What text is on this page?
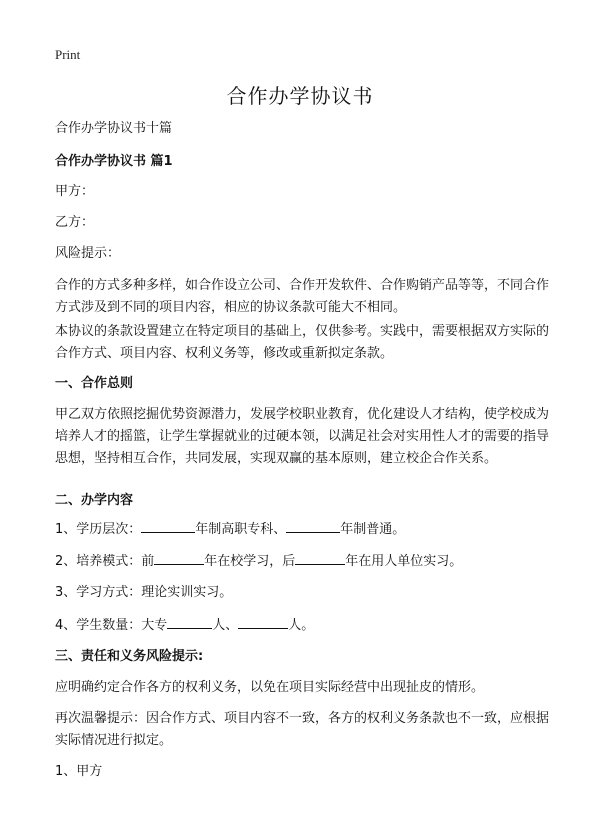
Print
合作办学协议书

合作办学协议书十篇

合作办学协议书 篇1

甲方：

乙方：

风险提示：

合作的方式多种多样，如合作设立公司、合作开发软件、合作购销产品等等，不同合作方式涉及到不同的项目内容，相应的协议条款可能大不相同。

本协议的条款设置建立在特定项目的基础上，仅供参考。实践中，需要根据双方实际的合作方式、项目内容、权利义务等，修改或重新拟定条款。

一、合作总则

甲乙双方依照挖掘优势资源潜力，发展学校职业教育，优化建设人才结构，使学校成为培养人才的摇篮，让学生掌握就业的过硬本领，以满足社会对实用性人才的需要的指导思想，坚持相互合作，共同发展，实现双赢的基本原则，建立校企合作关系。

二、办学内容

1、学历层次：	年制高职专科、	年制普通。

2、培养模式：前	年在校学习，后	年在用人单位实习。

3、学习方式：理论实训实习。

4、学生数量：大专	人、	人。

三、责任和义务风险提示:

应明确约定合作各方的权利义务，以免在项目实际经营中出现扯皮的情形。

再次温馨提示：因合作方式、项目内容不一致，各方的权利义务条款也不一致，应根据实际情况进行拟定。

1、甲方
